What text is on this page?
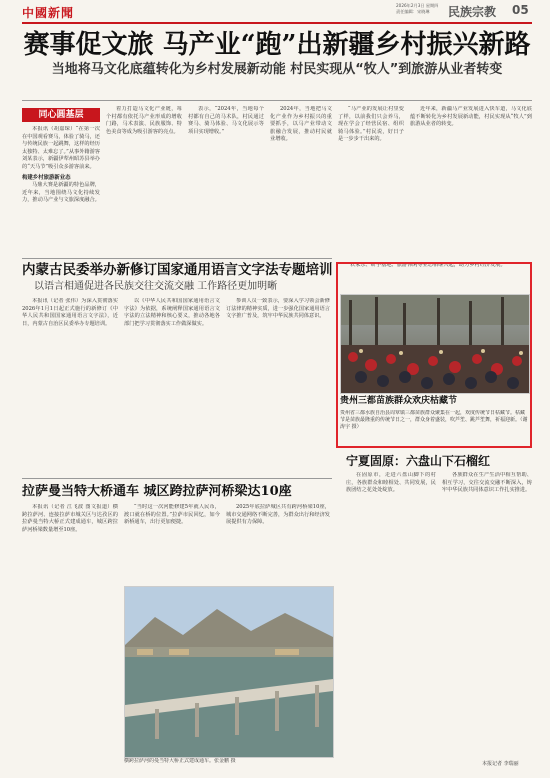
中國新聞
2026年2月3日 星期四
责任编辑：宋晓琳	民族宗教 05
赛事促文旅 马产业“跑”出新疆乡村振兴新路
当地将马文化底蕴转化为乡村发展新动能 村民实现从“牧人”到旅游从业者转变
同心圆基层

本报讯（胡嘉琛）“在第一次在中国观看赛马，体验了骑马，还与传统民族一起跳舞，这样的经历太独特、太难忘了。”从事外籍游客刘某表示，新疆伊犁州昭苏县举办的“天马节”吸引众多游客前来。

构建乡村旅游新业态

马鼎大赛是新疆的特色品牌，近年来，当地围绕马文化持续发力，推动马产业与文旅深度融合。

着力打造马文化产业链，每个村都有依托马产业形成的增收门路，马术表演、民族服饰、特色美食等成为吸引游客的亮点。

表示，“2024年，当地每个村都有自己的马术队，村民通过赛马、骑马体验、马文化展示等项目实现增收。”

2024年，当地把马文化产业作为乡村振兴的重要抓手，以马产业带动文旅融合发展，推动村民就业增收。

“马产业的发展让村里变了样，以前我们只会养马，现在学会了经营民宿、组织骑马体验。”村民说，好日子是一步步干出来的。

近年来，新疆马产业发展进入快车道，马文化底蕴不断转化为乡村发展新动能，村民实现从“牧人”到旅游从业者的转变。

内蒙古民委举办新修订国家通用语言文字法专题培训
以语言相通促进各民族交往交流交融 工作路径更加明晰

本报讯（记者 张伟）为深入贯彻落实2026年1月1日起正式施行的新修订《中华人民共和国国家通用语言文字法》，近日，内蒙古自治区民委举办专题培训。

以《中华人民共和国国家通用语言文字法》为依据，系统阐释国家通用语言文字法的立法精神和核心要义，推动各地各部门把学习贯彻落实工作做深做实。

参训人员一致表示，要深入学习领会新修订法律的精神实质，进一步强化国家通用语言文字推广普及，筑牢中华民族共同体意识。

农家乐、研学基地、旅游休闲等业态相继兴起，助力乡村经济发展。

贵州三都苗族群众欢庆枯藏节
贵州省三都水族自治县周覃镇三都苗族群众聚集在一起，欢度传统节日枯藏节。枯藏节是苗族最隆重的传统节日之一，群众身着盛装，吹芦笙、跳芦笙舞，祈福迎新。（谢涛宇 摄）
宁夏固原：六盘山下石榴红

在固原市，走进六盘山脚下的村庄，各族群众和睦相处、共同发展，民族团结之花处处绽放。

各族群众在生产生活中相互帮助、相互学习，交往交流交融不断深入，铸牢中华民族共同体意识工作扎实推进。

本报记者 李瑞丽
拉萨曼当特大桥通车 城区跨拉萨河桥梁达10座

本报讯（记者 江飞波 图文报道）横跨拉萨河、连接拉萨市城关区与达孜区的拉萨曼当特大桥正式建成通车，城区跨拉萨河桥梁数量增至10座。

“当时这一次河能修建5年就人民币，渡口就在桥的位置。”拉萨市民回忆，如今新桥通车，出行更加便捷。

2025年底拉萨城区共有跨河桥梁10座，城市交通网络不断完善，为群众出行和经济发展提供有力保障。

横跨拉萨河的曼当特大桥正式建成通车。张金鹏 摄
